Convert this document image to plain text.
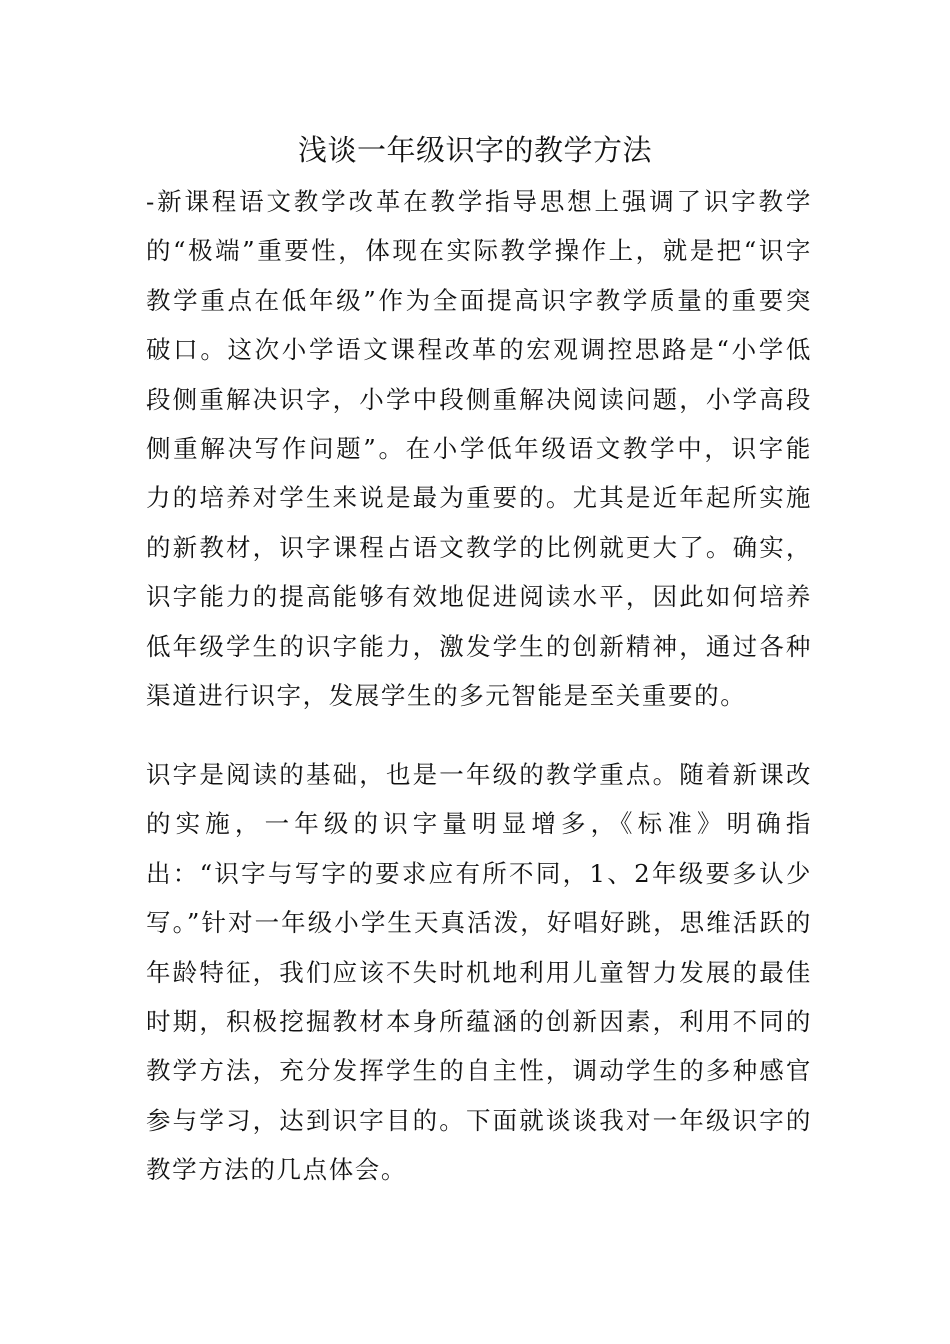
浅谈一年级识字的教学方法
-新课程语文教学改革在教学指导思想上强调了识字教学的“极端”重要性，体现在实际教学操作上，就是把“识字教学重点在低年级”作为全面提高识字教学质量的重要突破口。这次小学语文课程改革的宏观调控思路是“小学低段侧重解决识字，小学中段侧重解决阅读问题，小学高段侧重解决写作问题”。在小学低年级语文教学中，识字能力的培养对学生来说是最为重要的。尤其是近年起所实施的新教材，识字课程占语文教学的比例就更大了。确实，识字能力的提高能够有效地促进阅读水平，因此如何培养低年级学生的识字能力，激发学生的创新精神，通过各种渠道进行识字，发展学生的多元智能是至关重要的。
识字是阅读的基础，也是一年级的教学重点。随着新课改的实施，一年级的识字量明显增多，《标准》明确指出：“识字与写字的要求应有所不同，1、2年级要多认少写。”针对一年级小学生天真活泼，好唱好跳，思维活跃的年龄特征，我们应该不失时机地利用儿童智力发展的最佳时期，积极挖掘教材本身所蕴涵的创新因素，利用不同的教学方法，充分发挥学生的自主性，调动学生的多种感官参与学习，达到识字目的。下面就谈谈我对一年级识字的教学方法的几点体会。
